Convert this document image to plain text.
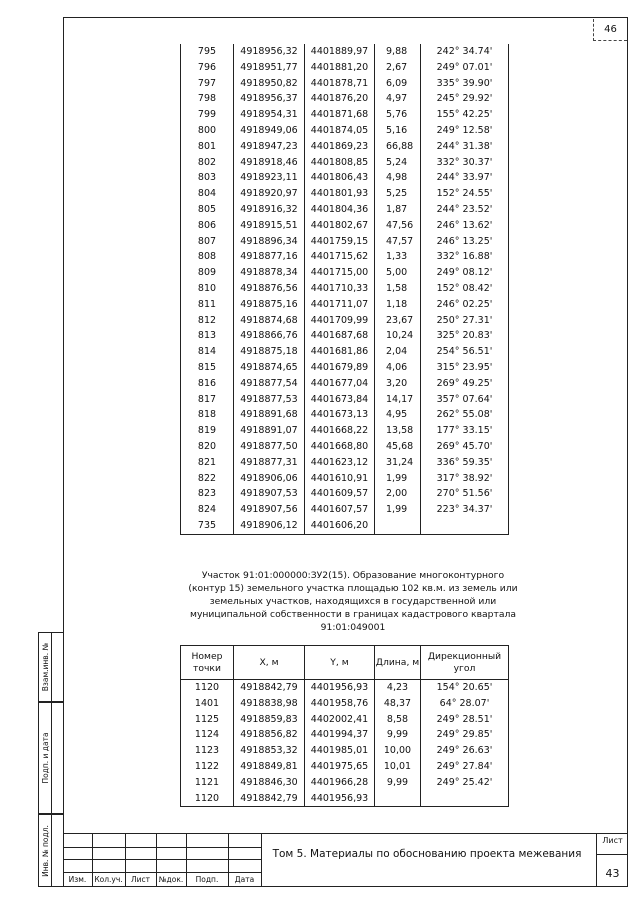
46
Взам.инв. №
Подп. и дата
Инв. № подл.
795	4918956,32	4401889,97	9,88	242° 34.74'
796	4918951,77	4401881,20	2,67	249° 07.01'
797	4918950,82	4401878,71	6,09	335° 39.90'
798	4918956,37	4401876,20	4,97	245° 29.92'
799	4918954,31	4401871,68	5,76	155° 42.25'
800	4918949,06	4401874,05	5,16	249° 12.58'
801	4918947,23	4401869,23	66,88	244° 31.38'
802	4918918,46	4401808,85	5,24	332° 30.37'
803	4918923,11	4401806,43	4,98	244° 33.97'
804	4918920,97	4401801,93	5,25	152° 24.55'
805	4918916,32	4401804,36	1,87	244° 23.52'
806	4918915,51	4401802,67	47,56	246° 13.62'
807	4918896,34	4401759,15	47,57	246° 13.25'
808	4918877,16	4401715,62	1,33	332° 16.88'
809	4918878,34	4401715,00	5,00	249° 08.12'
810	4918876,56	4401710,33	1,58	152° 08.42'
811	4918875,16	4401711,07	1,18	246° 02.25'
812	4918874,68	4401709,99	23,67	250° 27.31'
813	4918866,76	4401687,68	10,24	325° 20.83'
814	4918875,18	4401681,86	2,04	254° 56.51'
815	4918874,65	4401679,89	4,06	315° 23.95'
816	4918877,54	4401677,04	3,20	269° 49.25'
817	4918877,53	4401673,84	14,17	357° 07.64'
818	4918891,68	4401673,13	4,95	262° 55.08'
819	4918891,07	4401668,22	13,58	177° 33.15'
820	4918877,50	4401668,80	45,68	269° 45.70'
821	4918877,31	4401623,12	31,24	336° 59.35'
822	4918906,06	4401610,91	1,99	317° 38.92'
823	4918907,53	4401609,57	2,00	270° 51.56'
824	4918907,56	4401607,57	1,99	223° 34.37'
735	4918906,12	4401606,20		
Участок 91:01:000000:ЗУ2(15). Образование многоконтурного (контур 15) земельного участка площадью 102 кв.м. из земель или земельных участков, находящихся в государственной или муниципальной собственности в границах кадастрового квартала 91:01:049001
Номер точки	X, м	Y, м	Длина, м	Дирекционный угол
1120	4918842,79	4401956,93	4,23	154° 20.65'
1401	4918838,98	4401958,76	48,37	64° 28.07'
1125	4918859,83	4402002,41	8,58	249° 28.51'
1124	4918856,82	4401994,37	9,99	249° 29.85'
1123	4918853,32	4401985,01	10,00	249° 26.63'
1122	4918849,81	4401975,65	10,01	249° 27.84'
1121	4918846,30	4401966,28	9,99	249° 25.42'
1120	4918842,79	4401956,93		
Изм.	Кол.уч.	Лист	№док.	Подп.	Дата
Том 5. Материалы по обоснованию проекта межевания
Лист
43
